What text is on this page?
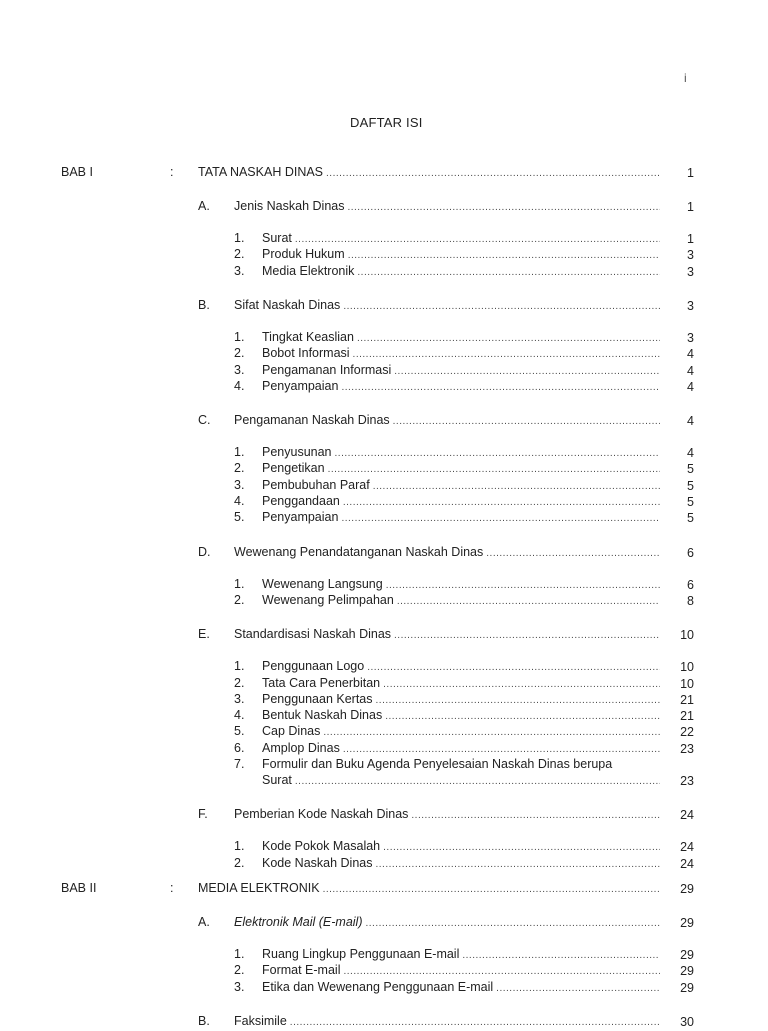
i
DAFTAR ISI
BAB I	: TATA NASKAH DINAS .....	1
A. Jenis Naskah Dinas .....	1
1. Surat .....	1
2. Produk Hukum .....	3
3. Media Elektronik .....	3
B. Sifat Naskah Dinas .....	3
1. Tingkat Keaslian .....	3
2. Bobot Informasi .....	4
3. Pengamanan Informasi .....	4
4. Penyampaian .....	4
C. Pengamanan Naskah Dinas .....	4
1. Penyusunan .....	4
2. Pengetikan .....	5
3. Pembubuhan Paraf .....	5
4. Penggandaan .....	5
5. Penyampaian .....	5
D. Wewenang Penandatanganan Naskah Dinas .....	6
1. Wewenang Langsung .....	6
2. Wewenang Pelimpahan .....	8
E. Standardisasi Naskah Dinas .....	10
1. Penggunaan Logo .....	10
2. Tata Cara Penerbitan .....	10
3. Penggunaan Kertas .....	21
4. Bentuk Naskah Dinas .....	21
5. Cap Dinas .....	22
6. Amplop Dinas .....	23
7. Formulir dan Buku Agenda Penyelesaian Naskah Dinas berupa
Surat .....	23
F. Pemberian Kode Naskah Dinas .....	24
1. Kode Pokok Masalah .....	24
2. Kode Naskah Dinas .....	24
BAB II	: MEDIA ELEKTRONIK .....	29
A. Elektronik Mail (E-mail) .....	29
1. Ruang Lingkup Penggunaan E-mail .....	29
2. Format E-mail .....	29
3. Etika dan Wewenang Penggunaan E-mail .....	29
B. Faksimile .....	30
